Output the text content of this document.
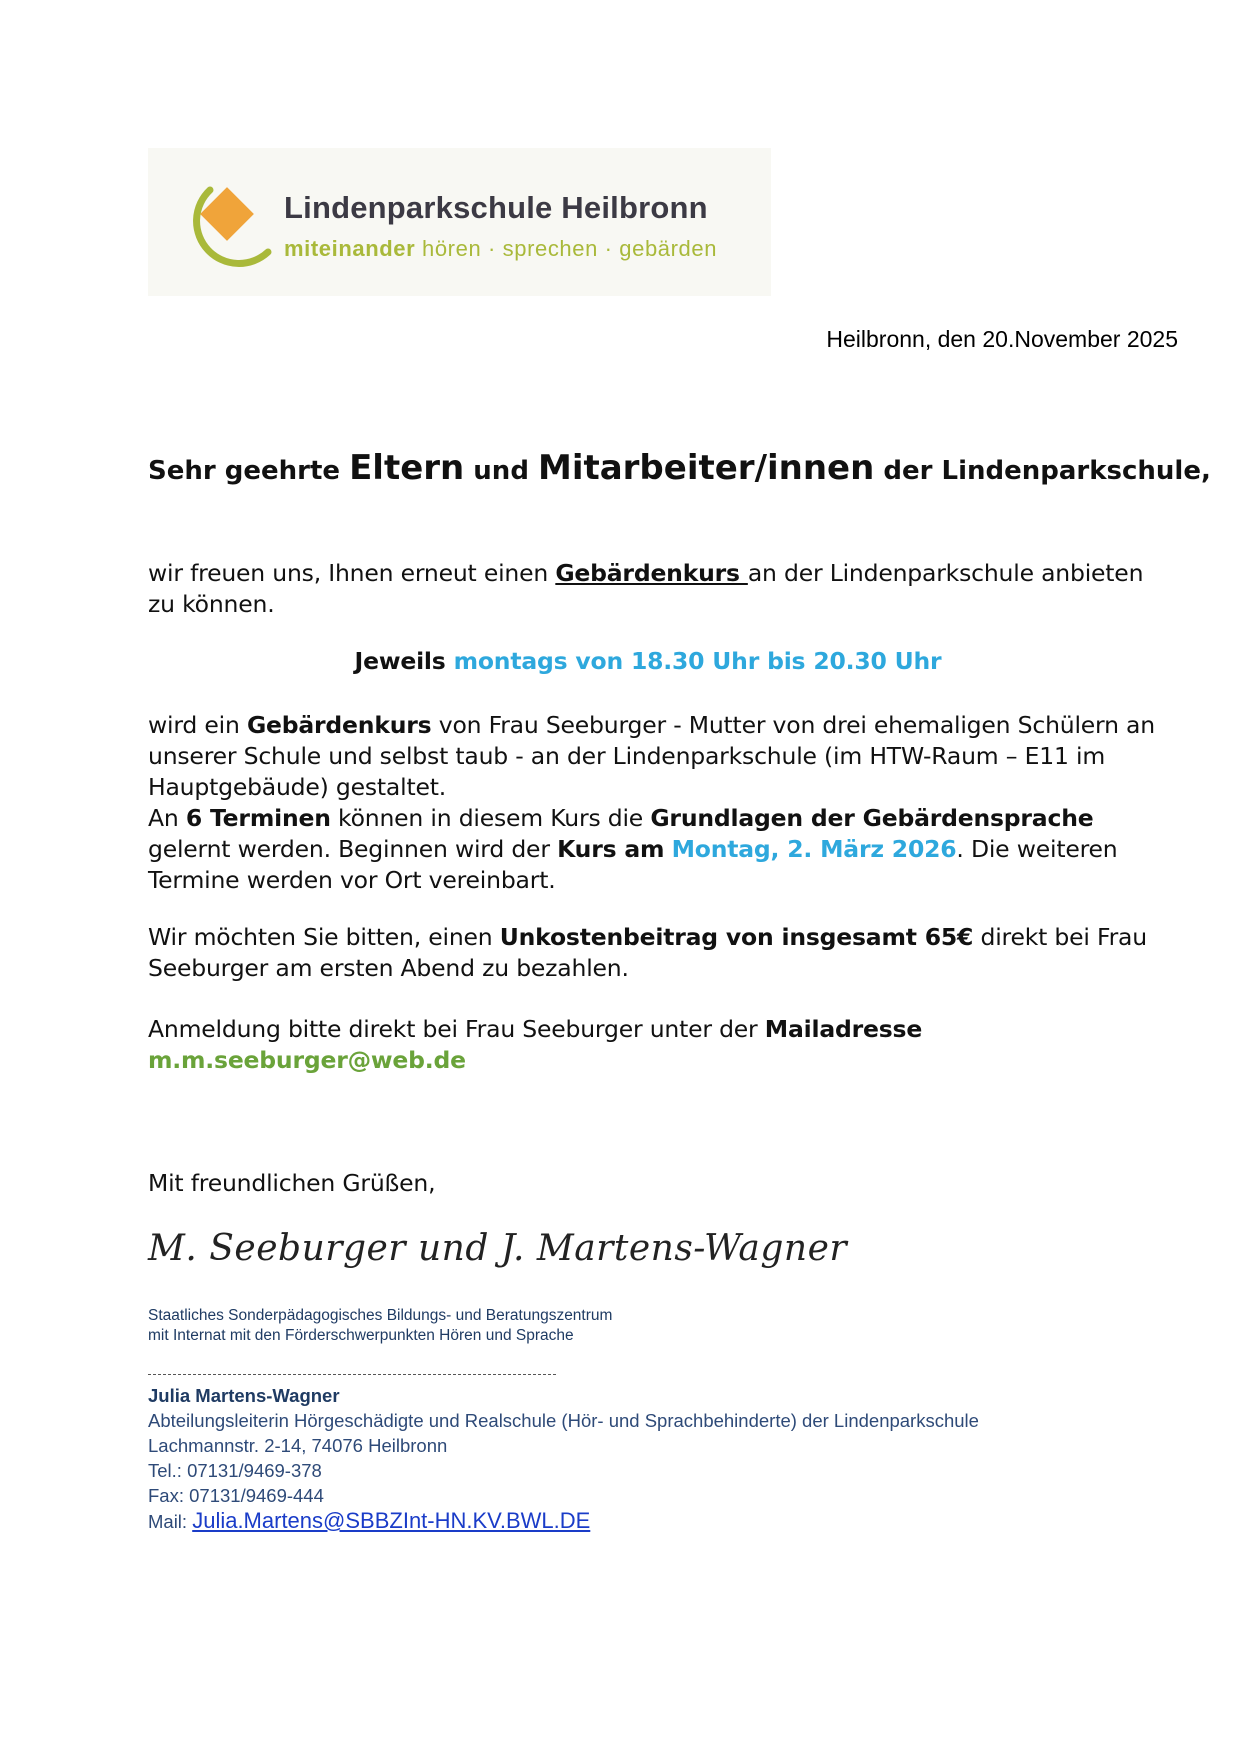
Lindenparkschule Heilbronn
miteinander hören · sprechen · gebärden
Heilbronn, den 20.November 2025
Sehr geehrte Eltern und Mitarbeiter/innen der Lindenparkschule,
wir freuen uns, Ihnen erneut einen Gebärdenkurs an der Lindenparkschule anbieten zu können.
Jeweils montags von 18.30 Uhr bis 20.30 Uhr
wird ein Gebärdenkurs von Frau Seeburger - Mutter von drei ehemaligen Schülern an unserer Schule und selbst taub - an der Lindenparkschule (im HTW-Raum – E11 im Hauptgebäude) gestaltet.
An 6 Terminen können in diesem Kurs die Grundlagen der Gebärdensprache gelernt werden. Beginnen wird der Kurs am Montag, 2. März 2026. Die weiteren Termine werden vor Ort vereinbart.
Wir möchten Sie bitten, einen Unkostenbeitrag von insgesamt 65€ direkt bei Frau Seeburger am ersten Abend zu bezahlen.
Anmeldung bitte direkt bei Frau Seeburger unter der Mailadresse
m.m.seeburger@web.de
Mit freundlichen Grüßen,
M. Seeburger und J. Martens-Wagner
Staatliches Sonderpädagogisches Bildungs- und Beratungszentrum
mit Internat mit den Förderschwerpunkten Hören und Sprache
Julia Martens-Wagner
Abteilungsleiterin Hörgeschädigte und Realschule (Hör- und Sprachbehinderte) der Lindenparkschule
Lachmannstr. 2-14, 74076 Heilbronn
Tel.: 07131/9469-378
Fax: 07131/9469-444
Mail: Julia.Martens@SBBZInt-HN.KV.BWL.DE
